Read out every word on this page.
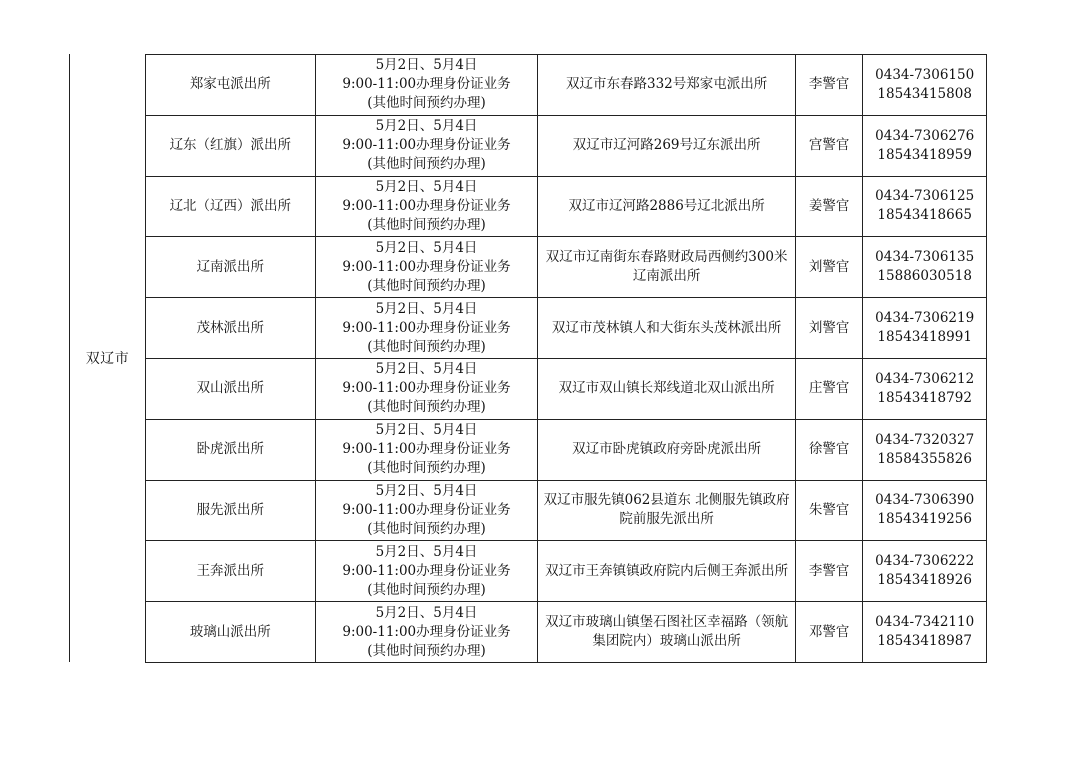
双辽市
郑家屯派出所	5月2日、5月4日
9:00-11:00办理身份证业务
(其他时间预约办理)	双辽市东春路332号郑家屯派出所	李警官	0434-7306150
18543415808

辽东（红旗）派出所	5月2日、5月4日
9:00-11:00办理身份证业务
(其他时间预约办理)	双辽市辽河路269号辽东派出所	宫警官	0434-7306276
18543418959

辽北（辽西）派出所	5月2日、5月4日
9:00-11:00办理身份证业务
(其他时间预约办理)	双辽市辽河路2886号辽北派出所	姜警官	0434-7306125
18543418665

辽南派出所	5月2日、5月4日
9:00-11:00办理身份证业务
(其他时间预约办理)	双辽市辽南街东春路财政局西侧约300米辽南派出所	刘警官	0434-7306135
15886030518

茂林派出所	5月2日、5月4日
9:00-11:00办理身份证业务
(其他时间预约办理)	双辽市茂林镇人和大街东头茂林派出所	刘警官	0434-7306219
18543418991

双山派出所	5月2日、5月4日
9:00-11:00办理身份证业务
(其他时间预约办理)	双辽市双山镇长郑线道北双山派出所	庄警官	0434-7306212
18543418792

卧虎派出所	5月2日、5月4日
9:00-11:00办理身份证业务
(其他时间预约办理)	双辽市卧虎镇政府旁卧虎派出所	徐警官	0434-7320327
18584355826

服先派出所	5月2日、5月4日
9:00-11:00办理身份证业务
(其他时间预约办理)	双辽市服先镇062县道东 北侧服先镇政府院前服先派出所	朱警官	0434-7306390
18543419256

王奔派出所	5月2日、5月4日
9:00-11:00办理身份证业务
(其他时间预约办理)	双辽市王奔镇镇政府院内后侧王奔派出所	李警官	0434-7306222
18543418926

玻璃山派出所	5月2日、5月4日
9:00-11:00办理身份证业务
(其他时间预约办理)	双辽市玻璃山镇堡石图社区幸福路（领航集团院内）玻璃山派出所	邓警官	0434-7342110
18543418987
